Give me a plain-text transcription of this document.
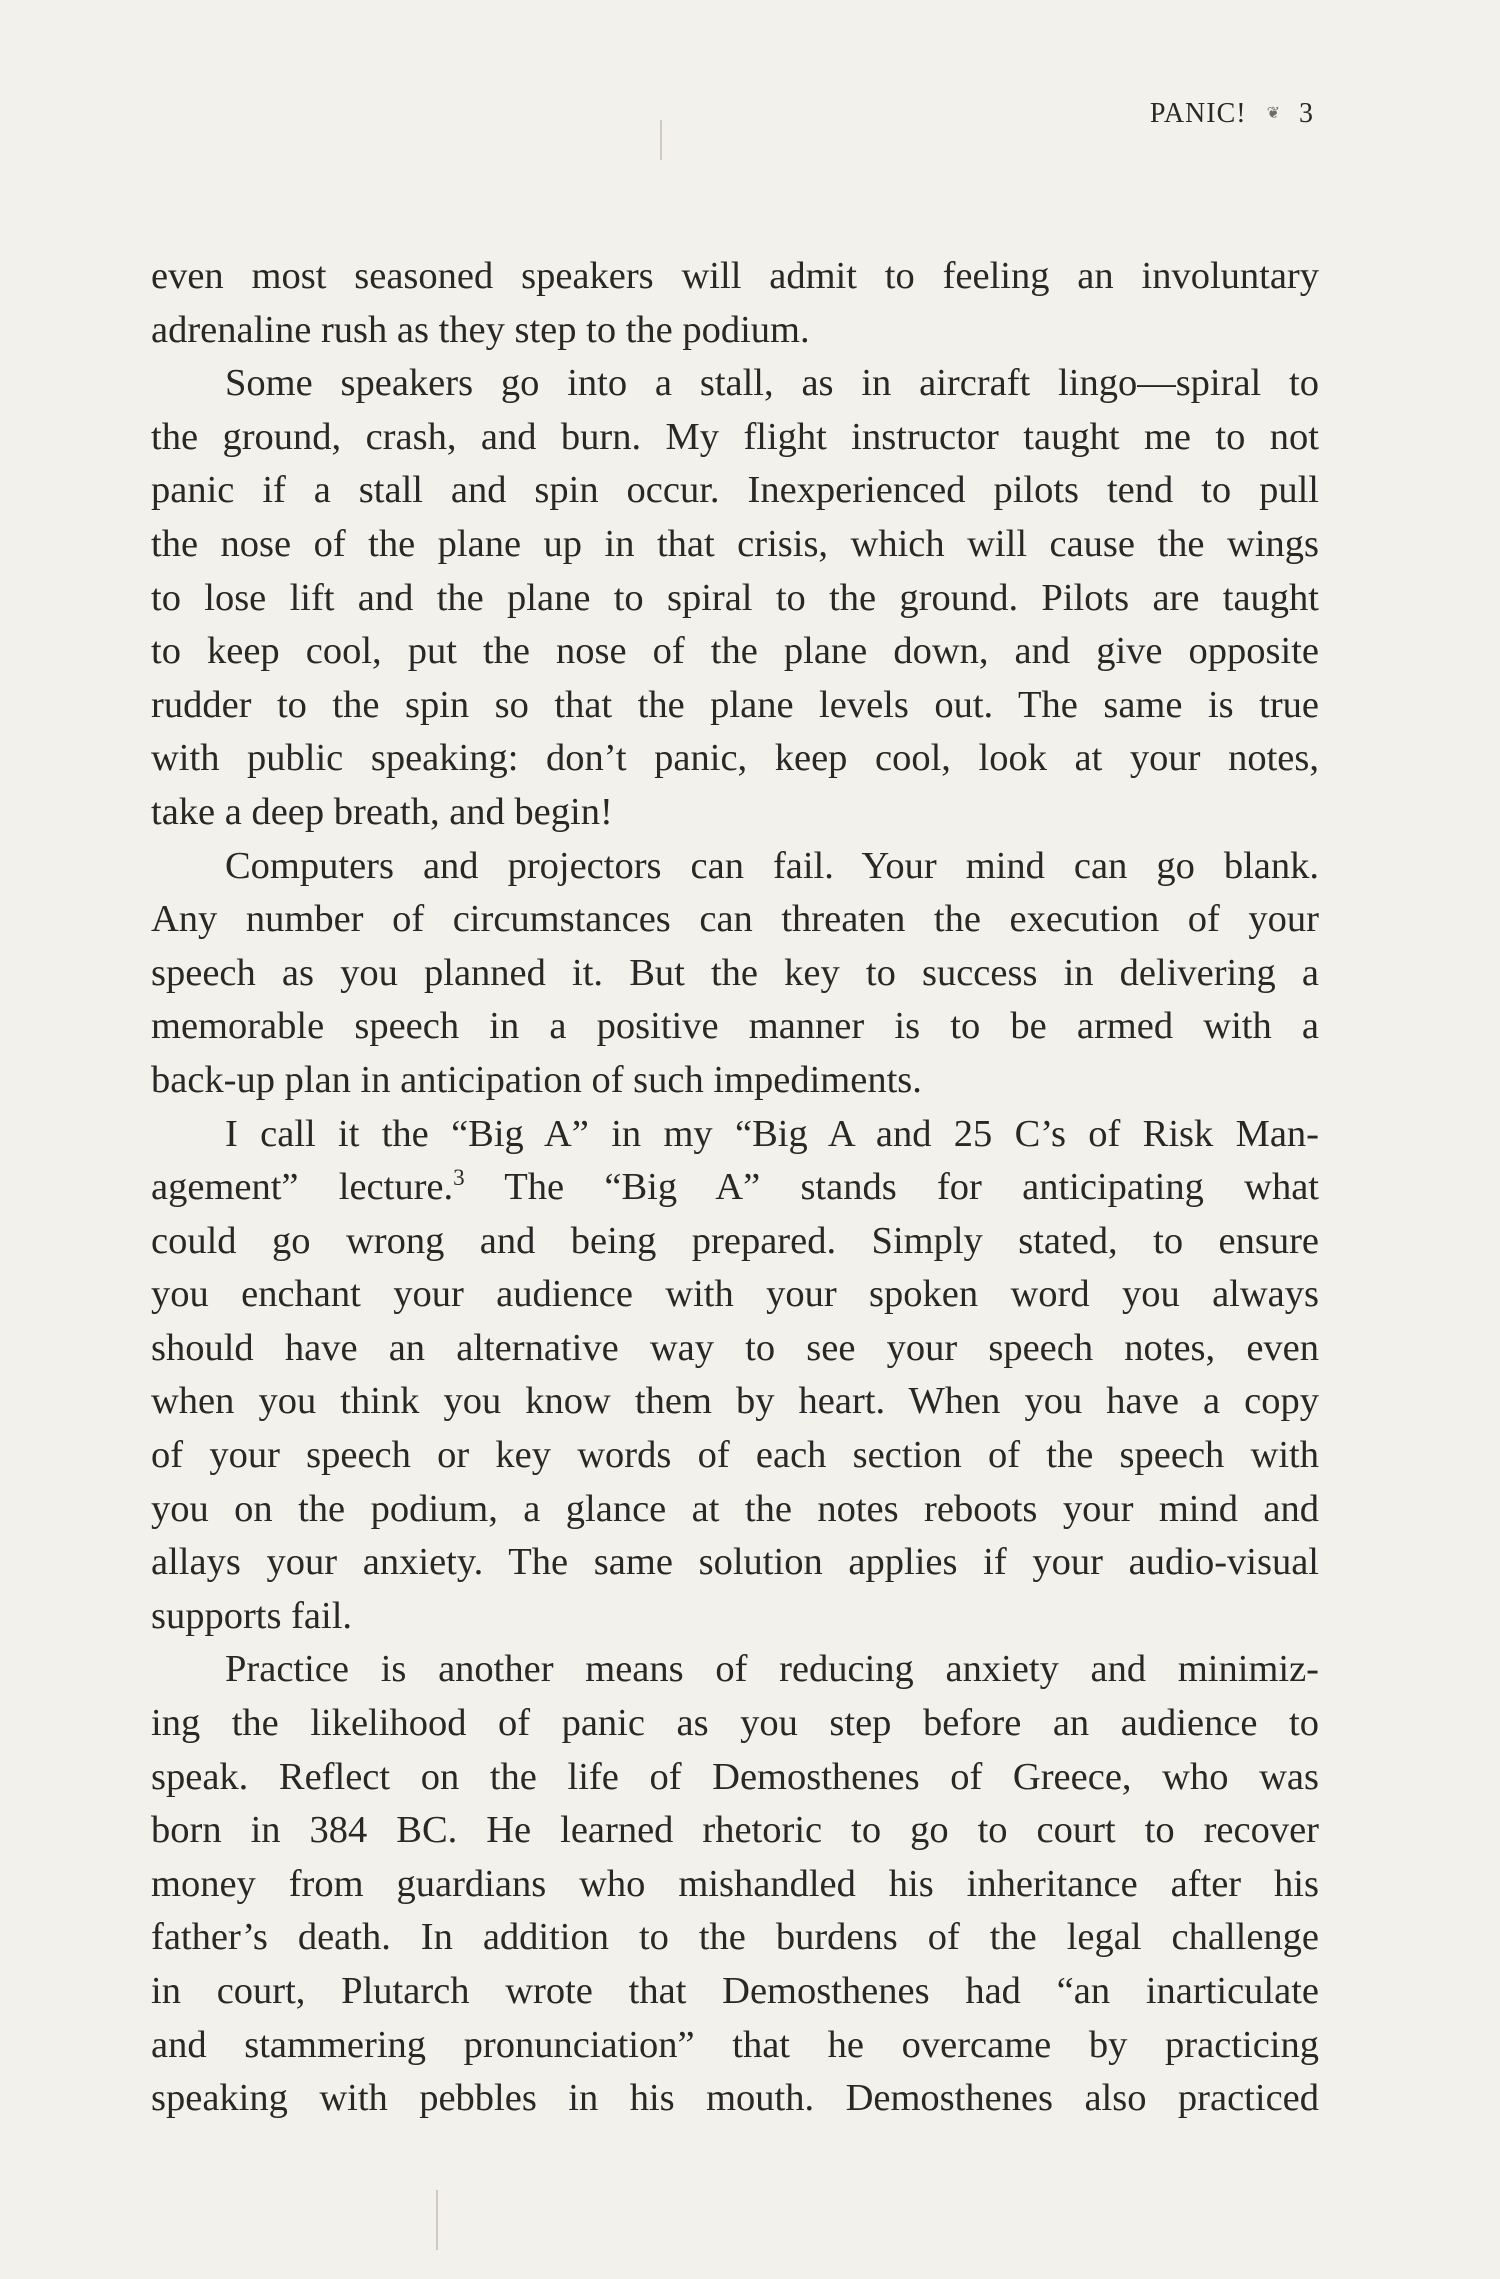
PANIC! ❦ 3

even most seasoned speakers will admit to feeling an involuntary
adrenaline rush as they step to the podium.

Some speakers go into a stall, as in aircraft lingo—spiral to
the ground, crash, and burn. My flight instructor taught me to not
panic if a stall and spin occur. Inexperienced pilots tend to pull
the nose of the plane up in that crisis, which will cause the wings
to lose lift and the plane to spiral to the ground. Pilots are taught
to keep cool, put the nose of the plane down, and give opposite
rudder to the spin so that the plane levels out. The same is true
with public speaking: don’t panic, keep cool, look at your notes,
take a deep breath, and begin!

Computers and projectors can fail. Your mind can go blank.
Any number of circumstances can threaten the execution of your
speech as you planned it. But the key to success in delivering a
memorable speech in a positive manner is to be armed with a
back-up plan in anticipation of such impediments.

I call it the “Big A” in my “Big A and 25 C’s of Risk Man-
agement” lecture.$^3$ The “Big A” stands for anticipating what
could go wrong and being prepared. Simply stated, to ensure
you enchant your audience with your spoken word you always
should have an alternative way to see your speech notes, even
when you think you know them by heart. When you have a copy
of your speech or key words of each section of the speech with
you on the podium, a glance at the notes reboots your mind and
allays your anxiety. The same solution applies if your audio-visual
supports fail.

Practice is another means of reducing anxiety and minimiz-
ing the likelihood of panic as you step before an audience to
speak. Reflect on the life of Demosthenes of Greece, who was
born in 384 BC. He learned rhetoric to go to court to recover
money from guardians who mishandled his inheritance after his
father’s death. In addition to the burdens of the legal challenge
in court, Plutarch wrote that Demosthenes had “an inarticulate
and stammering pronunciation” that he overcame by practicing
speaking with pebbles in his mouth. Demosthenes also practiced
